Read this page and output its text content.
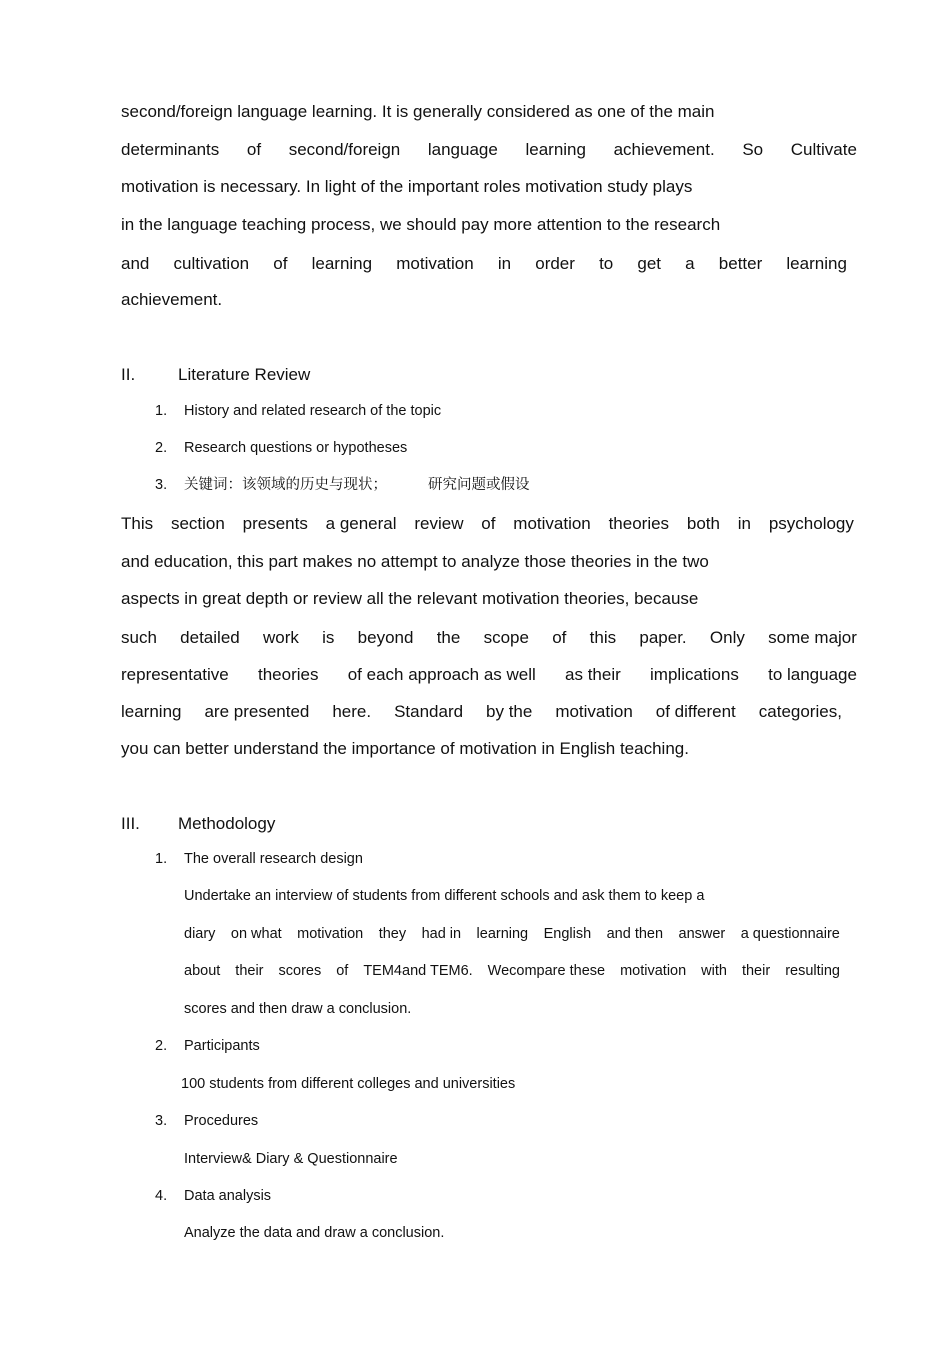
second/foreign language learning. It is generally considered as one of the main
determinants of second/foreign language learning achievement. So Cultivate
motivation is necessary. In light of the important roles motivation study plays
in the language teaching process, we should pay more attention to the research
and cultivation of learning motivation in order to get a better learning
achievement.
II.	Literature Review
1. History and related research of the topic
2. Research questions or hypotheses
3. 关键词：该领域的历史与现状；	研究问题或假设
This section presents a general review of motivation theories both in psychology
and education, this part makes no attempt to analyze those theories in the two
aspects in great depth or review all the relevant motivation theories, because
such detailed work is beyond the scope of this paper. Only some major
representative theories of each approach as well as their implications to language
learning are presented here. Standard by the motivation of different categories,
you can better understand the importance of motivation in English teaching.
III. Methodology
1. The overall research design
Undertake an interview of students from different schools and ask them to keep a
diary on what motivation they had in learning English and then answer a questionnaire
about their scores of TEM4and TEM6. Wecompare these motivation with their resulting
scores and then draw a conclusion.
2. Participants
100 students from different colleges and universities
3. Procedures
Interview& Diary & Questionnaire
4. Data analysis
Analyze the data and draw a conclusion.
